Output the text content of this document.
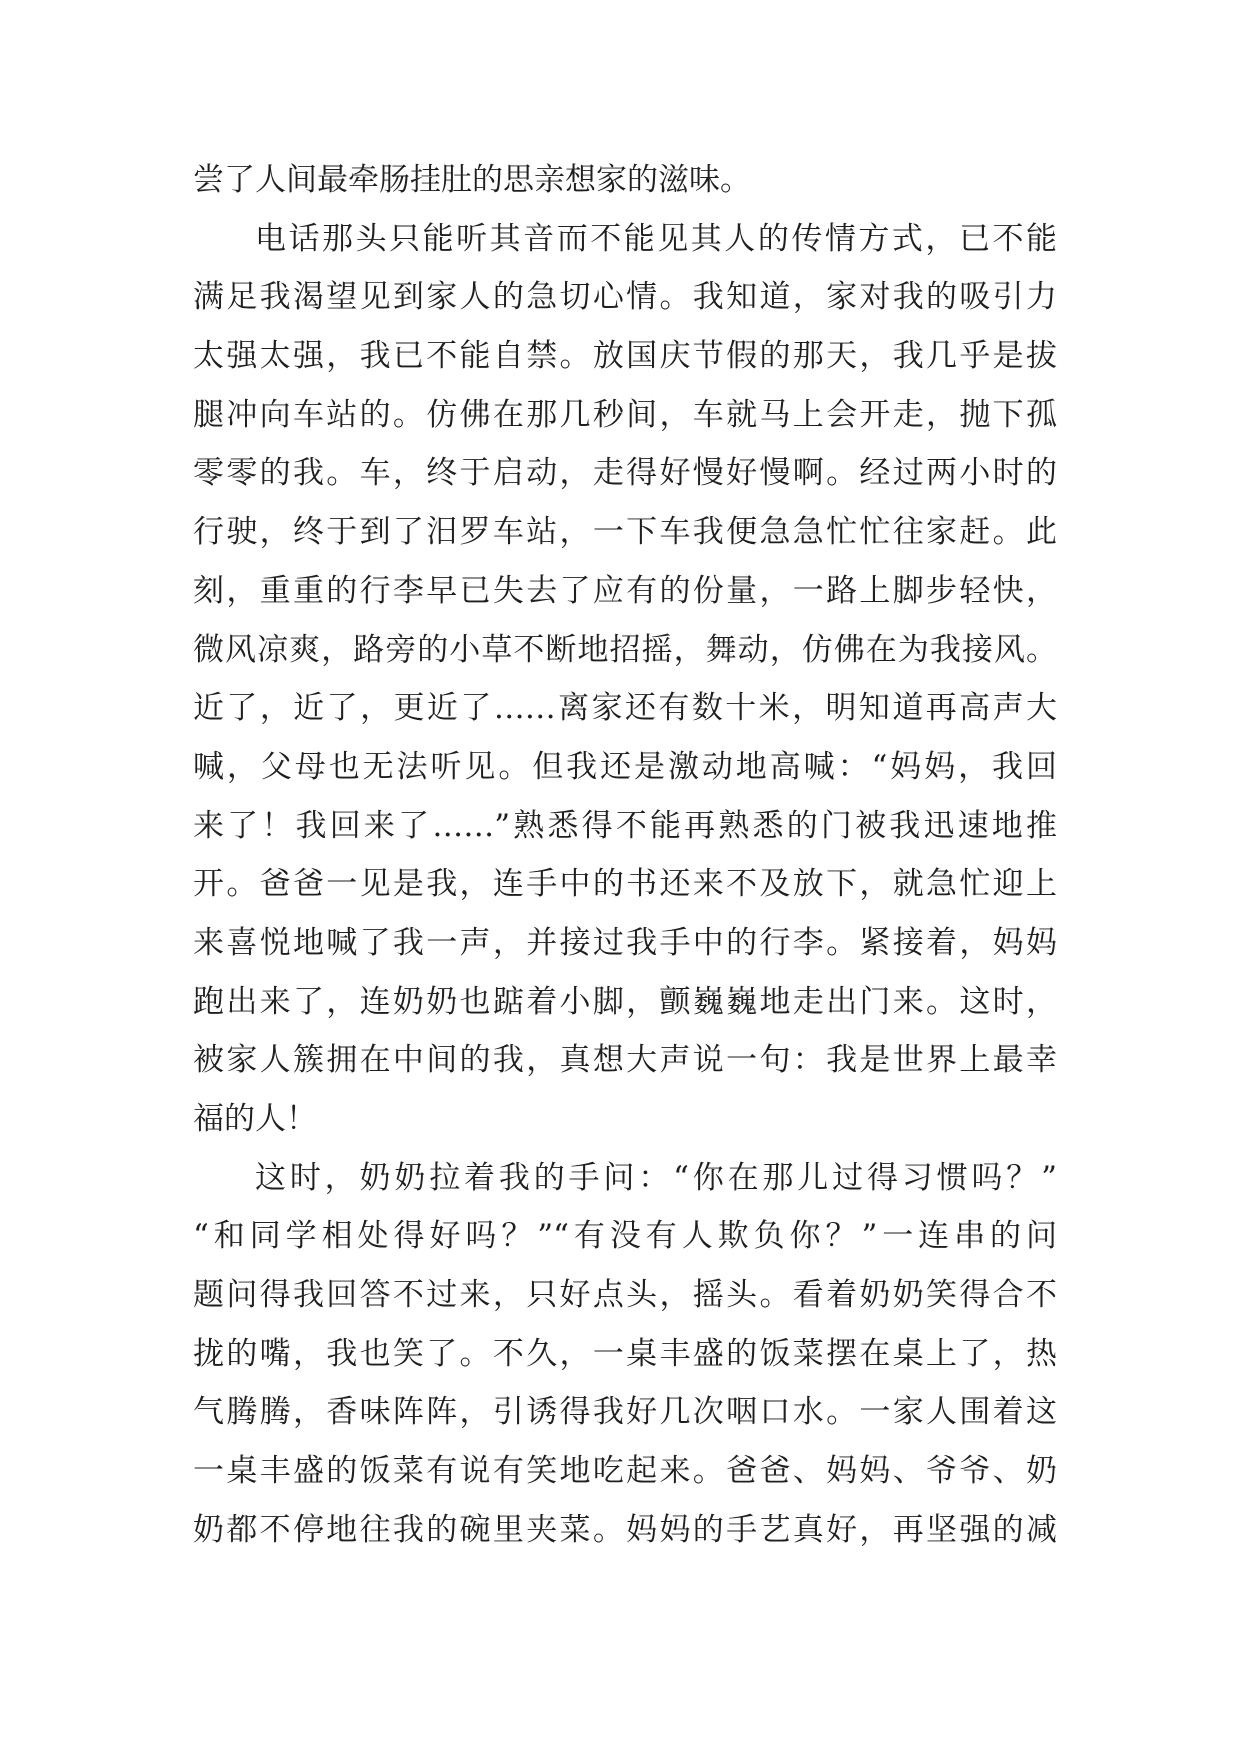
尝了人间最牵肠挂肚的思亲想家的滋味。
电话那头只能听其音而不能见其人的传情方式，已不能
满足我渴望见到家人的急切心情。我知道，家对我的吸引力
太强太强，我已不能自禁。放国庆节假的那天，我几乎是拔
腿冲向车站的。仿佛在那几秒间，车就马上会开走，抛下孤
零零的我。车，终于启动，走得好慢好慢啊。经过两小时的
行驶，终于到了汨罗车站，一下车我便急急忙忙往家赶。此
刻，重重的行李早已失去了应有的份量，一路上脚步轻快，
微风凉爽，路旁的小草不断地招摇，舞动，仿佛在为我接风。
近了，近了，更近了……离家还有数十米，明知道再高声大
喊，父母也无法听见。但我还是激动地高喊：“妈妈，我回
来了！我回来了……”熟悉得不能再熟悉的门被我迅速地推
开。爸爸一见是我，连手中的书还来不及放下，就急忙迎上
来喜悦地喊了我一声，并接过我手中的行李。紧接着，妈妈
跑出来了，连奶奶也踮着小脚，颤巍巍地走出门来。这时，
被家人簇拥在中间的我，真想大声说一句：我是世界上最幸
福的人！
这时，奶奶拉着我的手问：“你在那儿过得习惯吗？”
“和同学相处得好吗？”“有没有人欺负你？”一连串的问
题问得我回答不过来，只好点头，摇头。看着奶奶笑得合不
拢的嘴，我也笑了。不久，一桌丰盛的饭菜摆在桌上了，热
气腾腾，香味阵阵，引诱得我好几次咽口水。一家人围着这
一桌丰盛的饭菜有说有笑地吃起来。爸爸、妈妈、爷爷、奶
奶都不停地往我的碗里夹菜。妈妈的手艺真好，再坚强的减
